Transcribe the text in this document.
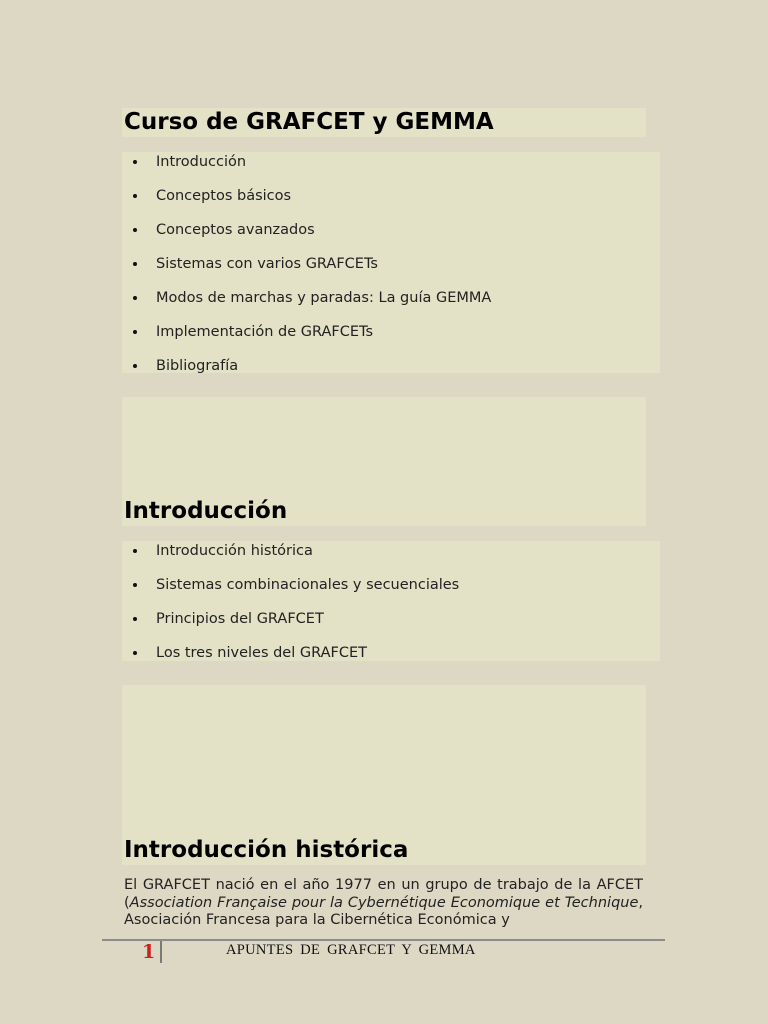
Curso de GRAFCET y GEMMA
Introducción
Conceptos básicos
Conceptos avanzados
Sistemas con varios GRAFCETs
Modos de marchas y paradas: La guía GEMMA
Implementación de GRAFCETs
Bibliografía
Introducción
Introducción histórica
Sistemas combinacionales y secuenciales
Principios del GRAFCET
Los tres niveles del GRAFCET
Introducción histórica

El GRAFCET nació en el año 1977 en un grupo de trabajo de la AFCET (Association Française pour la Cybernétique Economique et Technique, Asociación Francesa para la Cibernética Económica y

1	APUNTES DE GRAFCET Y GEMMA
